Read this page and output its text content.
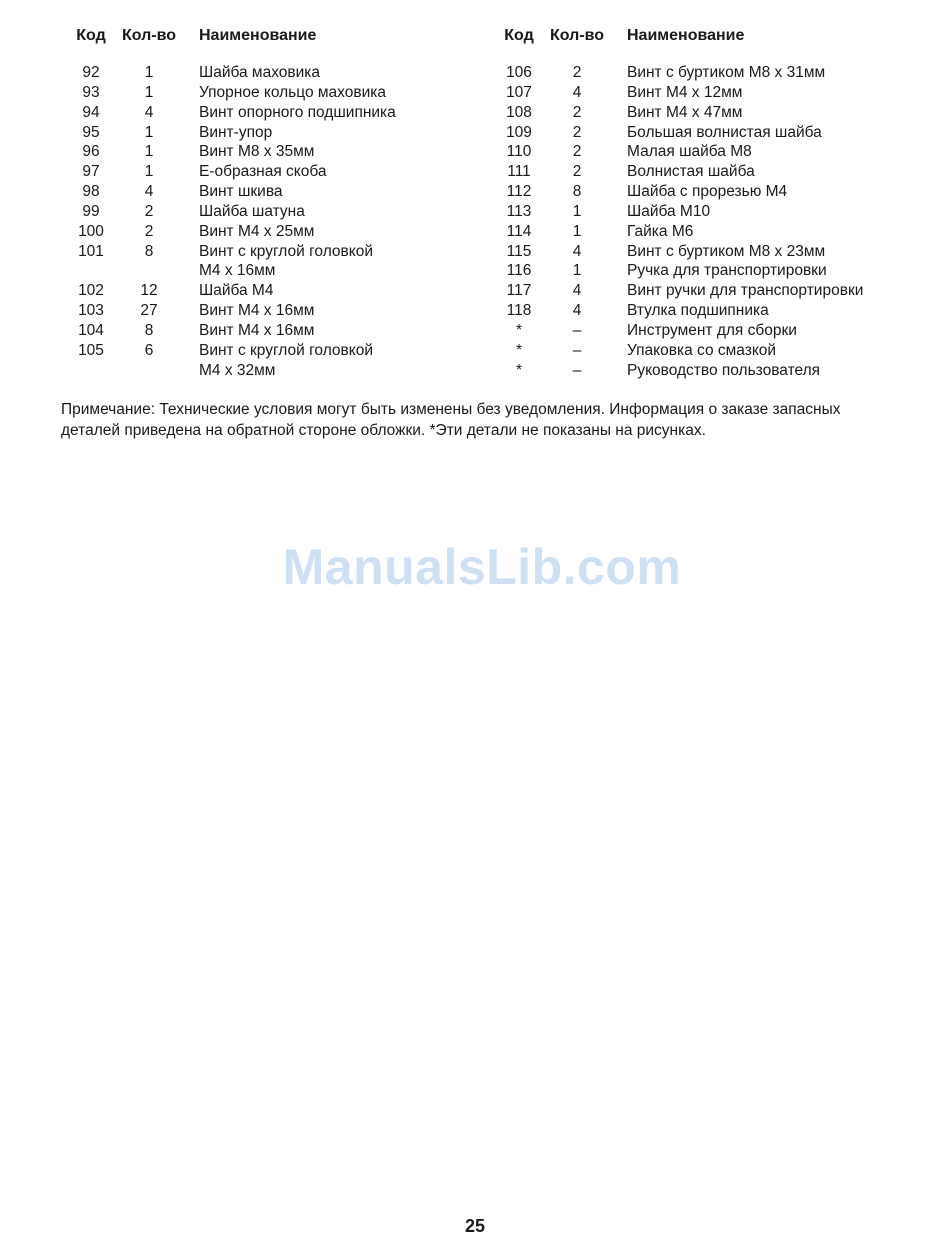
Код	Кол-во	Наименование

92	1	Шайба маховика
93	1	Упорное кольцо маховика
94	4	Винт опорного подшипника
95	1	Винт-упор
96	1	Винт M8 x 35мм
97	1	E-образная скоба
98	4	Винт шкива
99	2	Шайба шатуна
100	2	Винт M4 x 25мм
101	8	Винт с круглой головкой
		M4 x 16мм
102	12	Шайба M4
103	27	Винт M4 x 16мм
104	8	Винт M4 x 16мм
105	6	Винт с круглой головкой
		M4 x 32мм
Код	Кол-во	Наименование

106	2	Винт с буртиком M8 x 31мм
107	4	Винт M4 x 12мм
108	2	Винт M4 x 47мм
109	2	Большая волнистая шайба
110	2	Малая шайба M8
111	2	Волнистая шайба
112	8	Шайба с прорезью M4
113	1	Шайба M10
114	1	Гайка M6
115	4	Винт с буртиком M8 x 23мм
116	1	Ручка для транспортировки
117	4	Винт ручки для транспортировки
118	4	Втулка подшипника
*	–	Инструмент для сборки
*	–	Упаковка со смазкой
*	–	Руководство пользователя

Примечание: Технические условия могут быть изменены без уведомления. Информация о заказе запасных деталей приведена на обратной стороне обложки. *Эти детали не показаны на рисунках.

ManualsLib.com
25
